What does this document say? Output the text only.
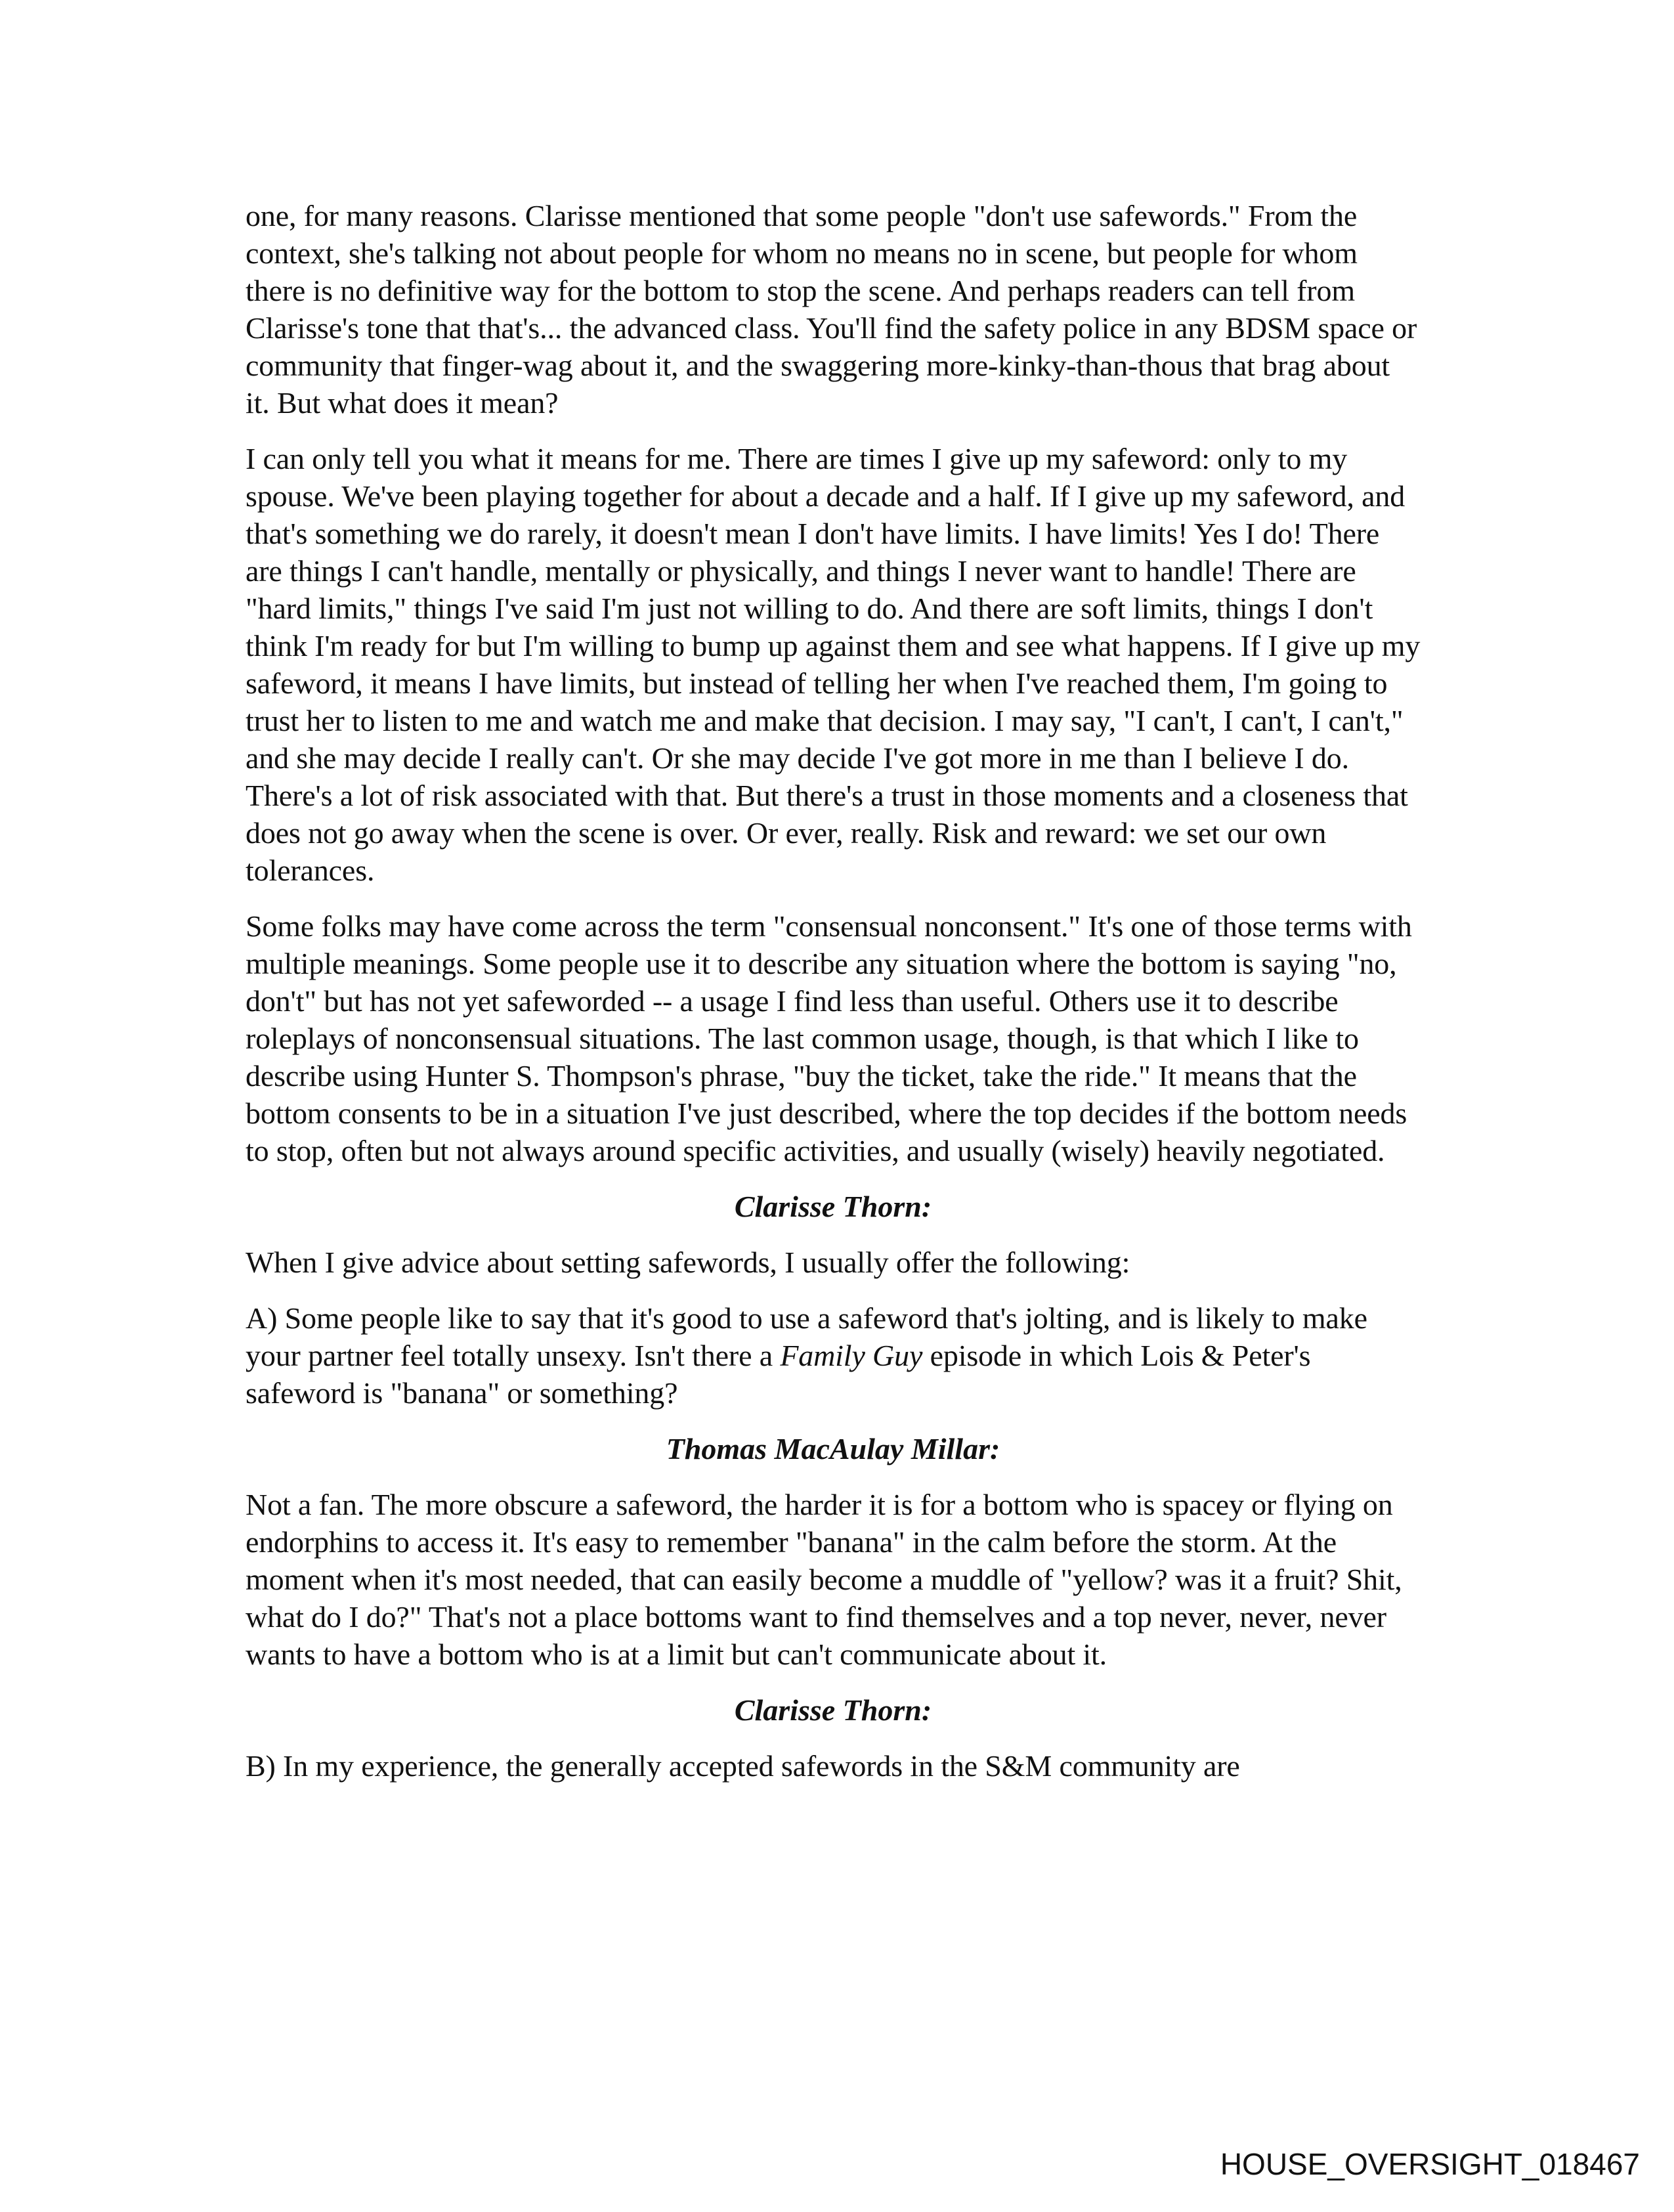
one, for many reasons. Clarisse mentioned that some people "don't use safewords." From the context, she's talking not about people for whom no means no in scene, but people for whom there is no definitive way for the bottom to stop the scene. And perhaps readers can tell from Clarisse's tone that that's... the advanced class. You'll find the safety police in any BDSM space or community that finger-wag about it, and the swaggering more-kinky-than-thous that brag about it. But what does it mean?

I can only tell you what it means for me. There are times I give up my safeword: only to my spouse. We've been playing together for about a decade and a half. If I give up my safeword, and that's something we do rarely, it doesn't mean I don't have limits. I have limits! Yes I do! There are things I can't handle, mentally or physically, and things I never want to handle! There are "hard limits," things I've said I'm just not willing to do. And there are soft limits, things I don't think I'm ready for but I'm willing to bump up against them and see what happens. If I give up my safeword, it means I have limits, but instead of telling her when I've reached them, I'm going to trust her to listen to me and watch me and make that decision. I may say, "I can't, I can't, I can't," and she may decide I really can't. Or she may decide I've got more in me than I believe I do. There's a lot of risk associated with that. But there's a trust in those moments and a closeness that does not go away when the scene is over. Or ever, really. Risk and reward: we set our own tolerances.

Some folks may have come across the term "consensual nonconsent." It's one of those terms with multiple meanings. Some people use it to describe any situation where the bottom is saying "no, don't" but has not yet safeworded -- a usage I find less than useful. Others use it to describe roleplays of nonconsensual situations. The last common usage, though, is that which I like to describe using Hunter S. Thompson's phrase, "buy the ticket, take the ride." It means that the bottom consents to be in a situation I've just described, where the top decides if the bottom needs to stop, often but not always around specific activities, and usually (wisely) heavily negotiated.

Clarisse Thorn:

When I give advice about setting safewords, I usually offer the following:

A) Some people like to say that it's good to use a safeword that's jolting, and is likely to make your partner feel totally unsexy. Isn't there a Family Guy episode in which Lois & Peter's safeword is "banana" or something?

Thomas MacAulay Millar:

Not a fan. The more obscure a safeword, the harder it is for a bottom who is spacey or flying on endorphins to access it. It's easy to remember "banana" in the calm before the storm. At the moment when it's most needed, that can easily become a muddle of "yellow? was it a fruit? Shit, what do I do?" That's not a place bottoms want to find themselves and a top never, never, never wants to have a bottom who is at a limit but can't communicate about it.

Clarisse Thorn:

B) In my experience, the generally accepted safewords in the S&M community are

HOUSE_OVERSIGHT_018467
